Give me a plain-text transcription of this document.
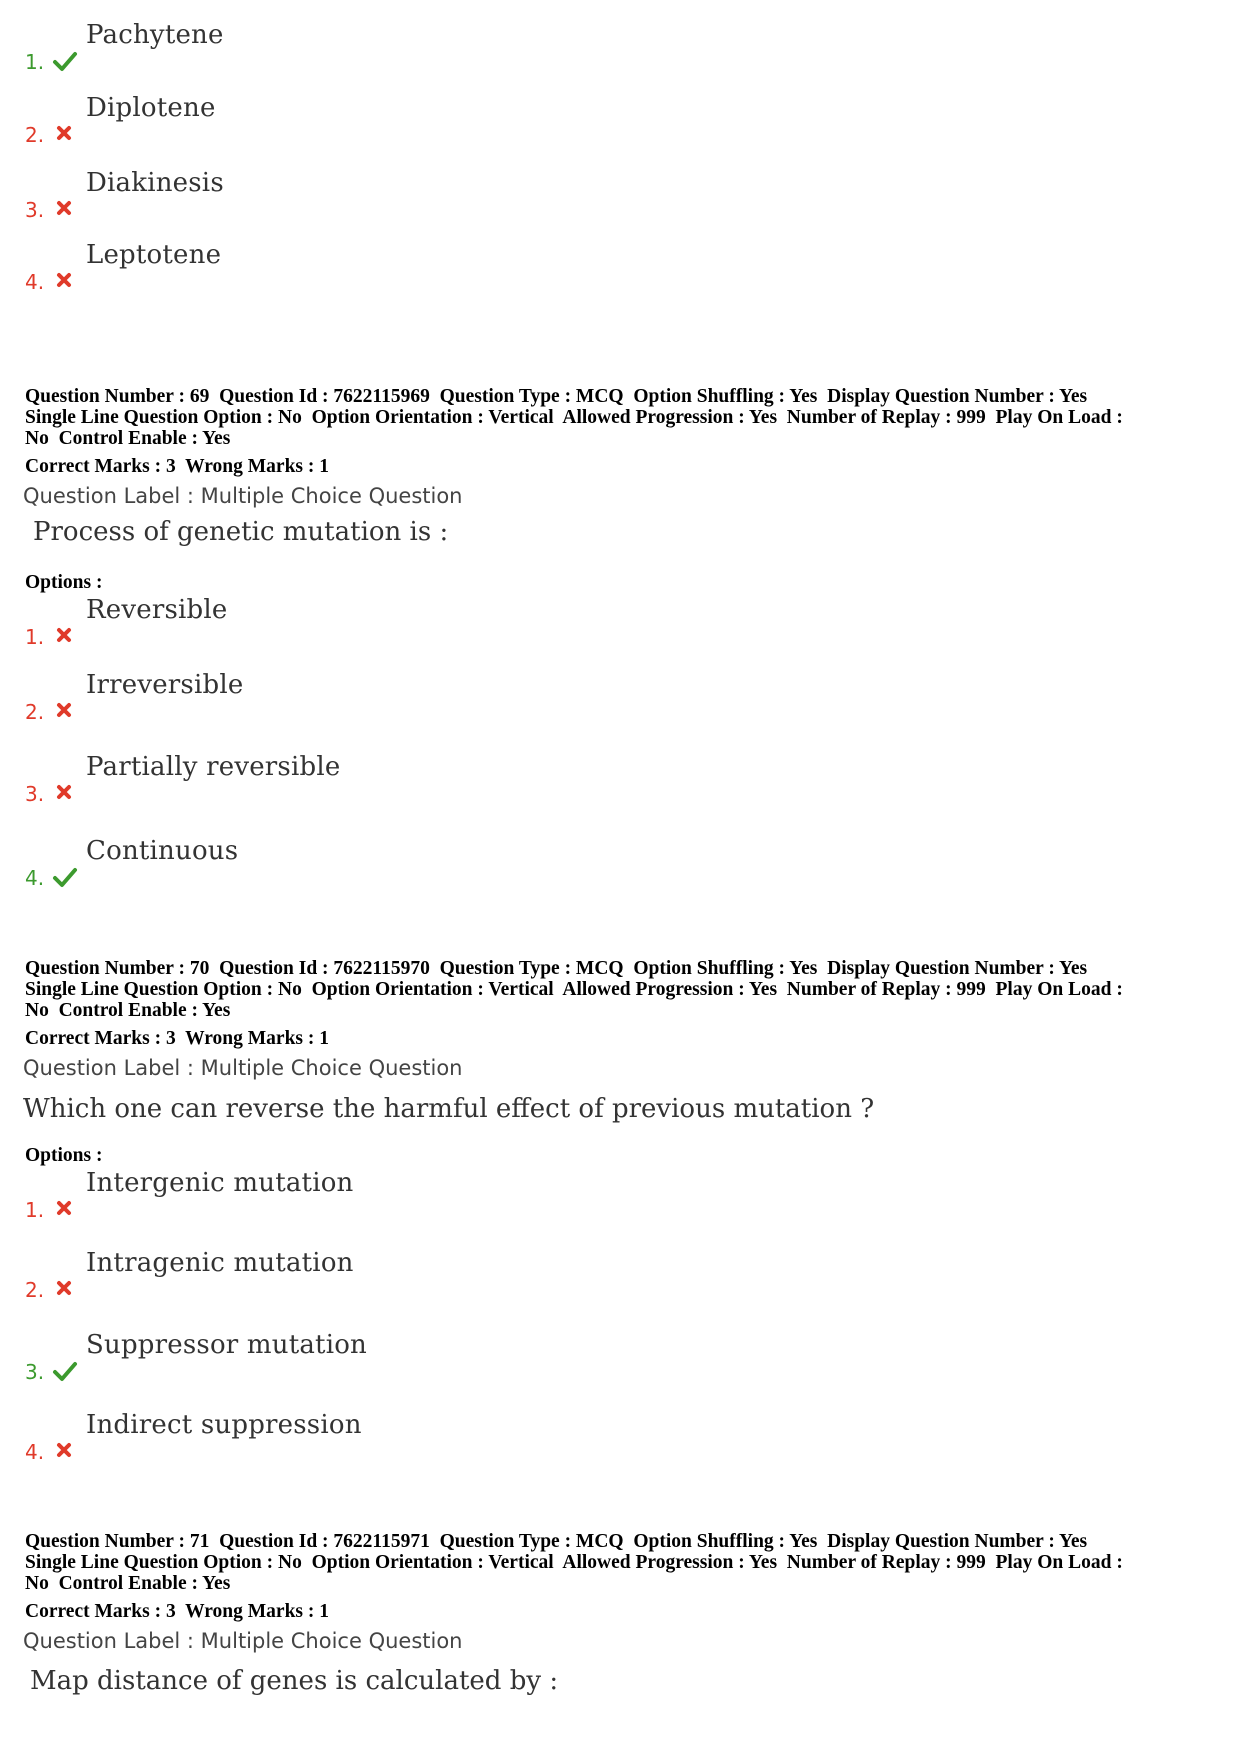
1.
Pachytene
2.
Diplotene
3.
Diakinesis
4.
Leptotene
Question Number : 69  Question Id : 7622115969  Question Type : MCQ  Option Shuffling : Yes  Display Question Number : Yes
Single Line Question Option : No  Option Orientation : Vertical  Allowed Progression : Yes  Number of Replay : 999  Play On Load :
No  Control Enable : Yes
Correct Marks : 3  Wrong Marks : 1
Question Label : Multiple Choice Question
Process of genetic mutation is :
Options :
1.
Reversible
2.
Irreversible
3.
Partially reversible
4.
Continuous
Question Number : 70  Question Id : 7622115970  Question Type : MCQ  Option Shuffling : Yes  Display Question Number : Yes
Single Line Question Option : No  Option Orientation : Vertical  Allowed Progression : Yes  Number of Replay : 999  Play On Load :
No  Control Enable : Yes
Correct Marks : 3  Wrong Marks : 1
Question Label : Multiple Choice Question
Which one can reverse the harmful effect of previous mutation ?
Options :
1.
Intergenic mutation
2.
Intragenic mutation
3.
Suppressor mutation
4.
Indirect suppression
Question Number : 71  Question Id : 7622115971  Question Type : MCQ  Option Shuffling : Yes  Display Question Number : Yes
Single Line Question Option : No  Option Orientation : Vertical  Allowed Progression : Yes  Number of Replay : 999  Play On Load :
No  Control Enable : Yes
Correct Marks : 3  Wrong Marks : 1
Question Label : Multiple Choice Question
Map distance of genes is calculated by :
